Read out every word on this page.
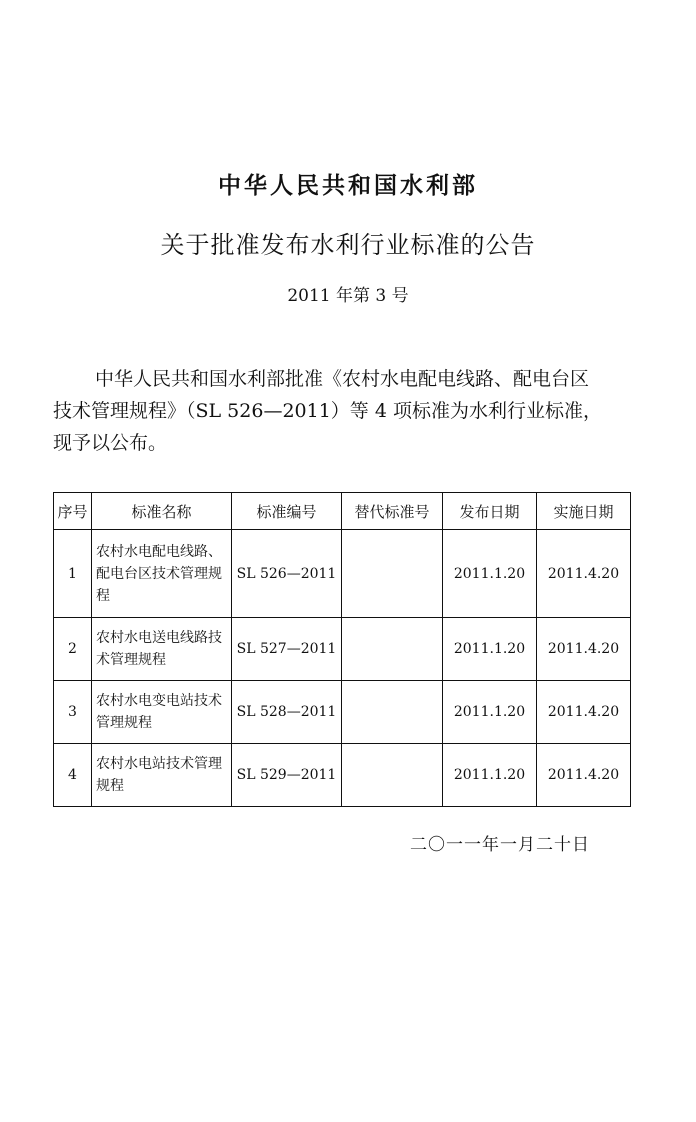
中华人民共和国水利部
关于批准发布水利行业标准的公告
2011 年第 3 号
中华人民共和国水利部批准《农村水电配电线路、配电台区
技术管理规程》（SL 526—2011）等 4 项标准为水利行业标准，
现予以公布。
序号	标准名称	标准编号	替代标准号	发布日期	实施日期
1	农村水电配电线路、配电台区技术管理规程	SL 526—2011		2011.1.20	2011.4.20
2	农村水电送电线路技术管理规程	SL 527—2011		2011.1.20	2011.4.20
3	农村水电变电站技术管理规程	SL 528—2011		2011.1.20	2011.4.20
4	农村水电站技术管理规程	SL 529—2011		2011.1.20	2011.4.20
二〇一一年一月二十日
